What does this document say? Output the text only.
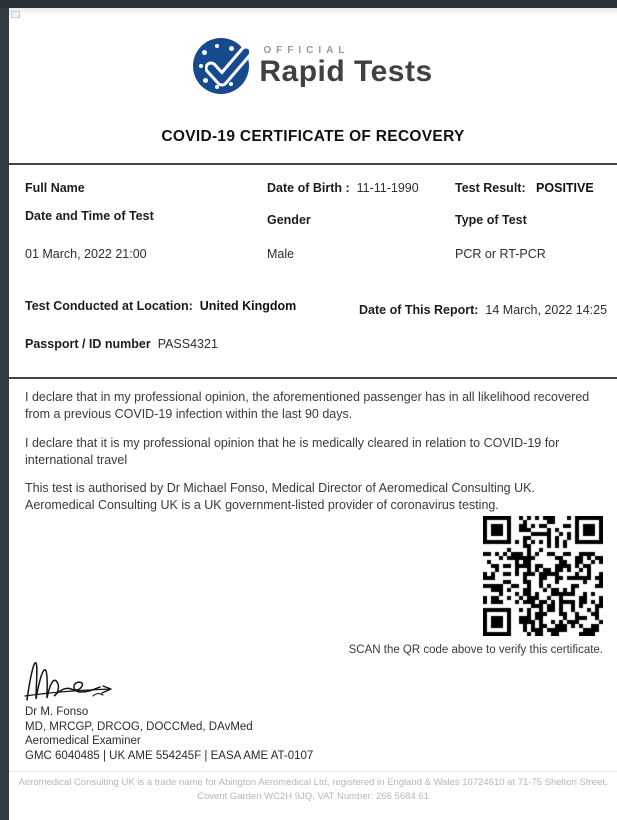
OFFICIAL
Rapid Tests
COVID-19 CERTIFICATE OF RECOVERY
Full Name	Date of Birth : 11-11-1990	Test Result: POSITIVE
Date and Time of Test	Gender	Type of Test
01 March, 2022 21:00	Male	PCR or RT-PCR
Test Conducted at Location: United Kingdom	Date of This Report: 14 March, 2022 14:25
Passport / ID number PASS4321

I declare that in my professional opinion, the aforementioned passenger has in all likelihood recovered from a previous COVID-19 infection within the last 90 days.

I declare that it is my professional opinion that he is medically cleared in relation to COVID-19 for international travel

This test is authorised by Dr Michael Fonso, Medical Director of Aeromedical Consulting UK. Aeromedical Consulting UK is a UK government-listed provider of coronavirus testing.

SCAN the QR code above to verify this certificate.
Dr M. Fonso
MD, MRCGP, DRCOG, DOCCMed, DAvMed
Aeromedical Examiner
GMC 6040485 | UK AME 554245F | EASA AME AT-0107
Aeromedical Consulting UK is a trade name for Abington Aeromedical Ltd, registered in England & Wales 10724610 at 71-75 Shelton Street,
Covent Garden WC2H 9JQ. VAT Number: 266 5684 61
